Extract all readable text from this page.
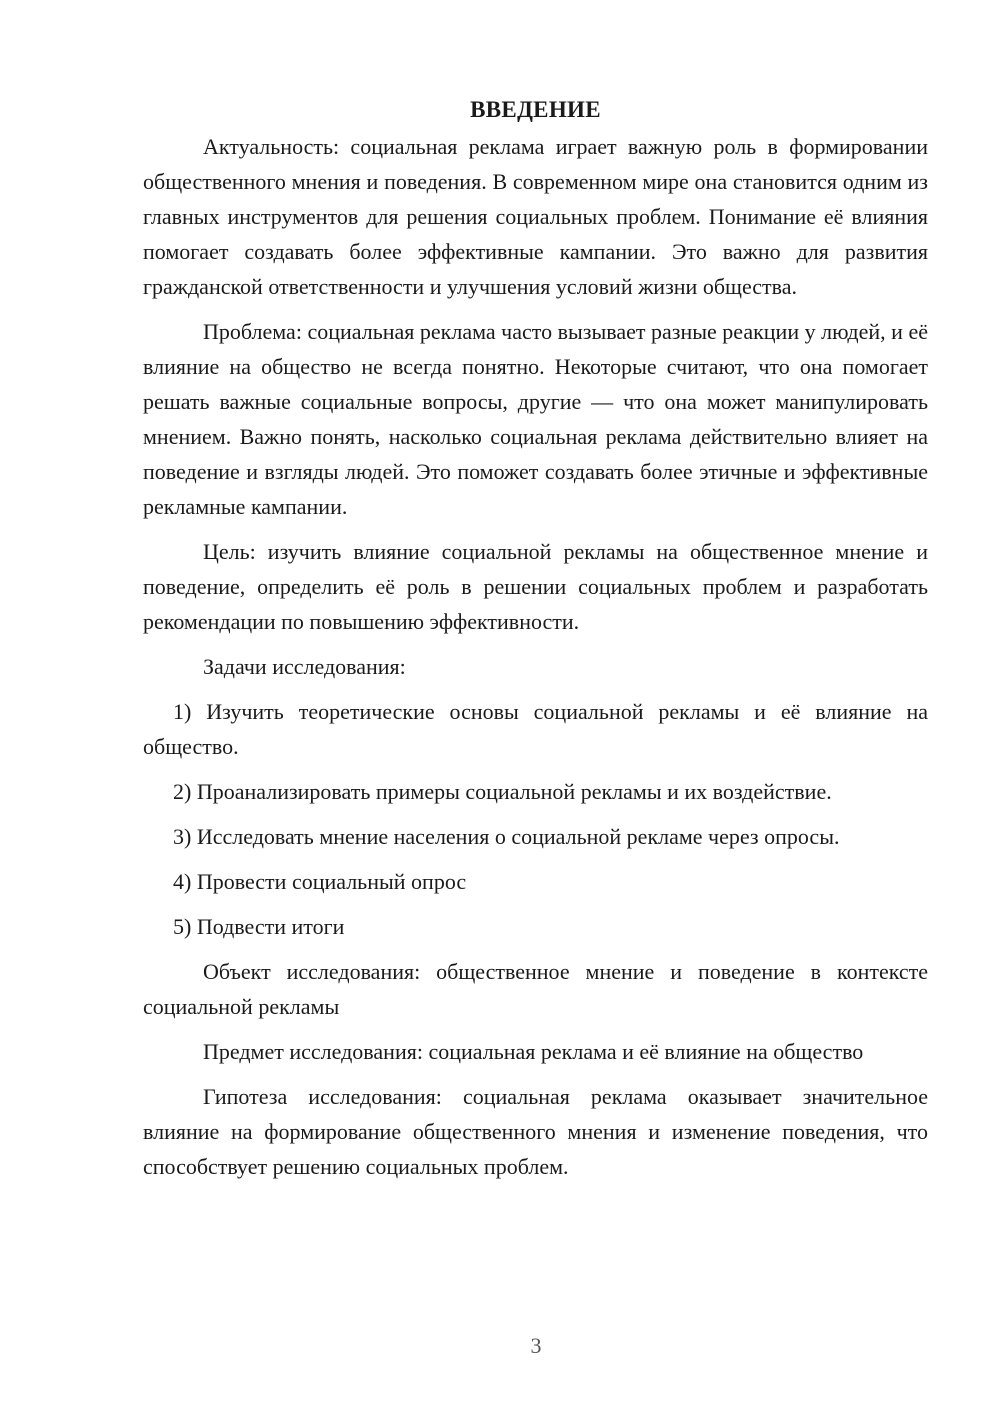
ВВЕДЕНИЕ

Актуальность: социальная реклама играет важную роль в формировании общественного мнения и поведения. В современном мире она становится одним из главных инструментов для решения социальных проблем. Понимание её влияния помогает создавать более эффективные кампании. Это важно для развития гражданской ответственности и улучшения условий жизни общества.

Проблема: социальная реклама часто вызывает разные реакции у людей, и её влияние на общество не всегда понятно. Некоторые считают, что она помогает решать важные социальные вопросы, другие — что она может манипулировать мнением. Важно понять, насколько социальная реклама действительно влияет на поведение и взгляды людей. Это поможет создавать более этичные и эффективные рекламные кампании.

Цель: изучить влияние социальной рекламы на общественное мнение и поведение, определить её роль в решении социальных проблем и разработать рекомендации по повышению эффективности.

Задачи исследования:

1) Изучить теоретические основы социальной рекламы и её влияние на общество.
2) Проанализировать примеры социальной рекламы и их воздействие.
3) Исследовать мнение населения о социальной рекламе через опросы.
4) Провести социальный опрос
5) Подвести итоги

Объект исследования: общественное мнение и поведение в контексте социальной рекламы

Предмет исследования: социальная реклама и её влияние на общество

Гипотеза исследования: социальная реклама оказывает значительное влияние на формирование общественного мнения и изменение поведения, что способствует решению социальных проблем.

3
